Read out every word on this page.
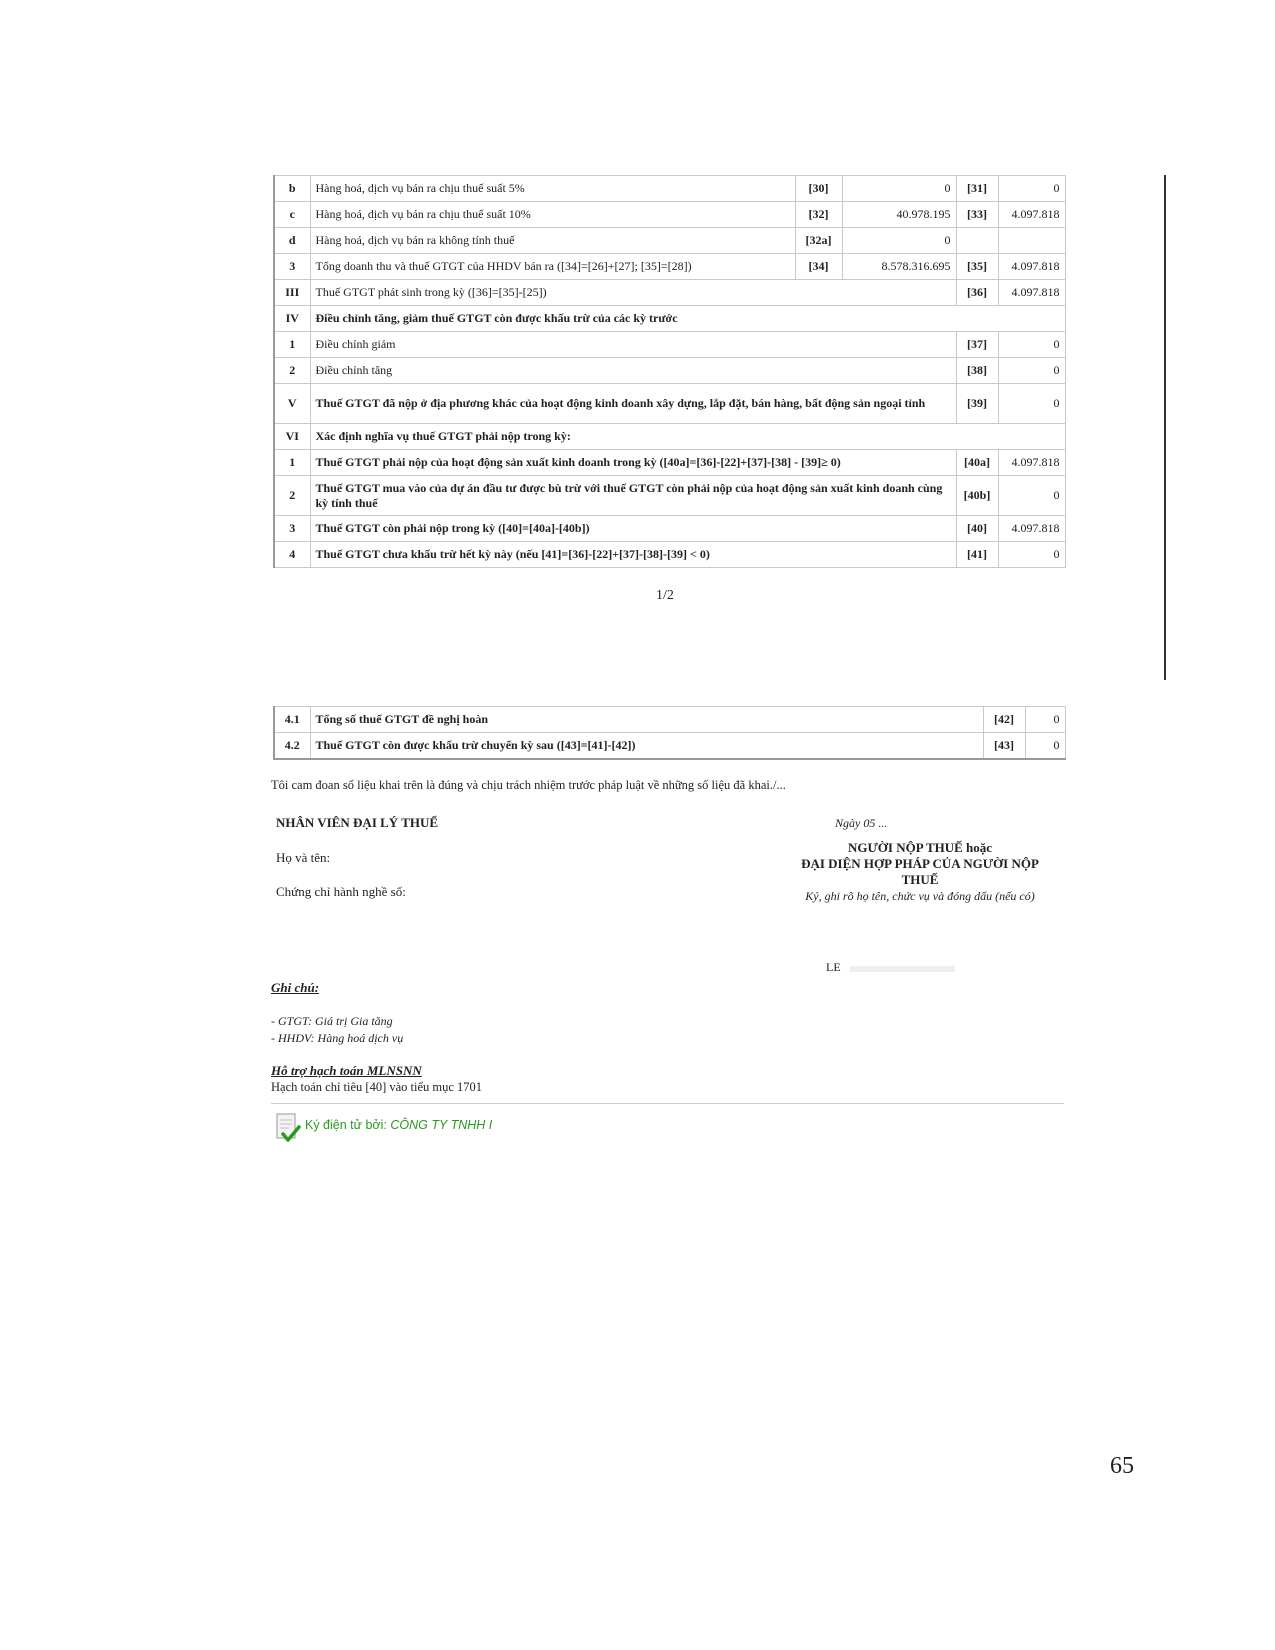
b	Hàng hoá, dịch vụ bán ra chịu thuế suất 5%	[30]	0	[31]	0
c	Hàng hoá, dịch vụ bán ra chịu thuế suất 10%	[32]	40.978.195	[33]	4.097.818
d	Hàng hoá, dịch vụ bán ra không tính thuế	[32a]	0		
3	Tổng doanh thu và thuế GTGT của HHDV bán ra ([34]=[26]+[27]; [35]=[28])	[34]	8.578.316.695	[35]	4.097.818
III	Thuế GTGT phát sinh trong kỳ ([36]=[35]-[25])			[36]	4.097.818
IV	Điều chỉnh tăng, giảm thuế GTGT còn được khấu trừ của các kỳ trước				
1	Điều chỉnh giảm			[37]	0
2	Điều chỉnh tăng			[38]	0
V	Thuế GTGT đã nộp ở địa phương khác của hoạt động kinh doanh xây dựng, lắp đặt, bán hàng, bất động sản ngoại tỉnh			[39]	0
VI	Xác định nghĩa vụ thuế GTGT phải nộp trong kỳ:				
1	Thuế GTGT phải nộp của hoạt động sản xuất kinh doanh trong kỳ ([40a]=[36]-[22]+[37]-[38] - [39]≥ 0)			[40a]	4.097.818
2	Thuế GTGT mua vào của dự án đầu tư được bù trừ với thuế GTGT còn phải nộp của hoạt động sản xuất kinh doanh cùng kỳ tính thuế			[40b]	0
3	Thuế GTGT còn phải nộp trong kỳ ([40]=[40a]-[40b])			[40]	4.097.818
4	Thuế GTGT chưa khấu trừ hết kỳ này (nếu [41]=[36]-[22]+[37]-[38]-[39] < 0)			[41]	0
1/2
4.1	Tổng số thuế GTGT đề nghị hoàn	[42]	0
4.2	Thuế GTGT còn được khấu trừ chuyển kỳ sau ([43]=[41]-[42])	[43]	0
Tôi cam đoan số liệu khai trên là đúng và chịu trách nhiệm trước pháp luật về những số liệu đã khai./...
NHÂN VIÊN ĐẠI LÝ THUẾ
Họ và tên:
Chứng chỉ hành nghề số:
Ngày 05 ...
NGƯỜI NỘP THUẾ hoặc
ĐẠI DIỆN HỢP PHÁP CỦA NGƯỜI NỘP
THUẾ
Ký, ghi rõ họ tên, chức vụ và đóng dấu (nếu có)
LE
Ghi chú:
- GTGT: Giá trị Gia tăng
- HHDV: Hàng hoá dịch vụ
Hỗ trợ hạch toán MLNSNN
Hạch toán chỉ tiêu [40] vào tiểu mục 1701
Ký điện tử bởi: CÔNG TY TNHH I
65
